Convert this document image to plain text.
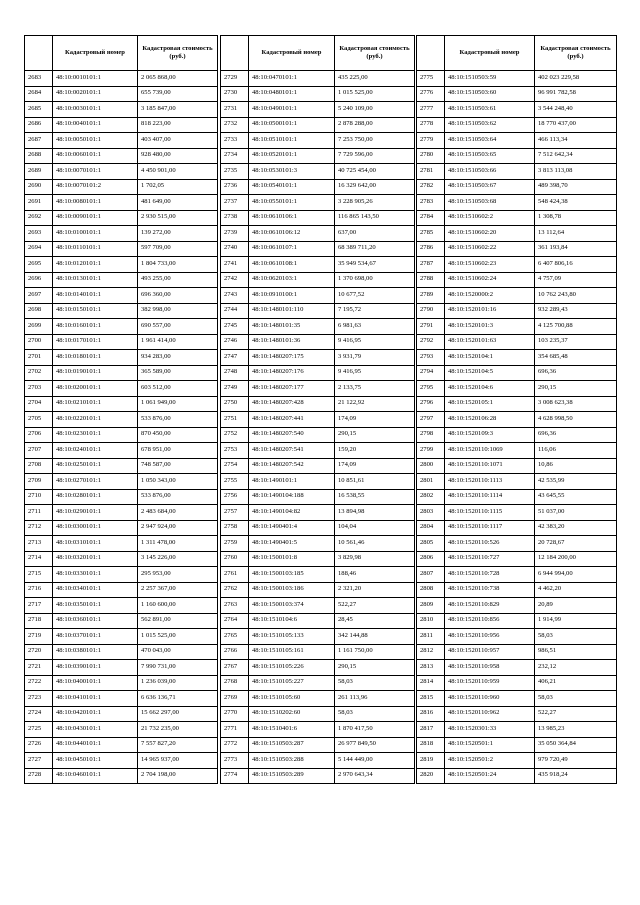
	Кадастровый номер	Кадастровая стоимость (руб.)
2683	48:10:0010101:1	2 065 868,00
2684	48:10:0020101:1	655 739,00
2685	48:10:0030101:1	3 185 847,00
2686	48:10:0040101:1	818 223,00
2687	48:10:0050101:1	403 407,00
2688	48:10:0060101:1	928 480,00
2689	48:10:0070101:1	4 450 901,00
2690	48:10:0070101:2	1 702,05
2691	48:10:0080101:1	481 649,00
2692	48:10:0090101:1	2 930 515,00
2693	48:10:0100101:1	139 272,00
2694	48:10:0110101:1	597 709,00
2695	48:10:0120101:1	1 804 733,00
2696	48:10:0130101:1	493 255,00
2697	48:10:0140101:1	696 360,00
2698	48:10:0150101:1	382 998,00
2699	48:10:0160101:1	690 557,00
2700	48:10:0170101:1	1 961 414,00
2701	48:10:0180101:1	934 283,00
2702	48:10:0190101:1	365 589,00
2703	48:10:0200101:1	603 512,00
2704	48:10:0210101:1	1 061 949,00
2705	48:10:0220101:1	533 876,00
2706	48:10:0230101:1	870 450,00
2707	48:10:0240101:1	678 951,00
2708	48:10:0250101:1	748 587,00
2709	48:10:0270101:1	1 050 343,00
2710	48:10:0280101:1	533 876,00
2711	48:10:0290101:1	2 483 684,00
2712	48:10:0300101:1	2 947 924,00
2713	48:10:0310101:1	1 311 478,00
2714	48:10:0320101:1	3 145 226,00
2715	48:10:0330101:1	295 953,00
2716	48:10:0340101:1	2 257 367,00
2717	48:10:0350101:1	1 160 600,00
2718	48:10:0360101:1	562 891,00
2719	48:10:0370101:1	1 015 525,00
2720	48:10:0380101:1	470 043,00
2721	48:10:0390101:1	7 990 731,00
2722	48:10:0400101:1	1 236 039,00
2723	48:10:0410101:1	6 636 136,71
2724	48:10:0420101:1	15 662 297,00
2725	48:10:0430101:1	21 732 235,00
2726	48:10:0440101:1	7 557 827,20
2727	48:10:0450101:1	14 965 937,00
2728	48:10:0460101:1	2 704 198,00
	Кадастровый номер	Кадастровая стоимость (руб.)
2729	48:10:0470101:1	435 225,00
2730	48:10:0480101:1	1 015 525,00
2731	48:10:0490101:1	5 240 109,00
2732	48:10:0500101:1	2 878 288,00
2733	48:10:0510101:1	7 253 750,00
2734	48:10:0520101:1	7 729 596,00
2735	48:10:0530101:3	40 725 454,00
2736	48:10:0540101:1	16 329 642,00
2737	48:10:0550101:1	3 228 905,26
2738	48:10:0610106:1	116 865 143,50
2739	48:10:0610106:12	637,00
2740	48:10:0610107:1	68 389 711,20
2741	48:10:0610108:1	35 949 534,67
2742	48:10:0620103:1	1 370 698,00
2743	48:10:0910100:1	10 677,52
2744	48:10:1480101:110	7 195,72
2745	48:10:1480101:35	6 981,63
2746	48:10:1480101:36	9 416,95
2747	48:10:1480207:175	3 931,79
2748	48:10:1480207:176	9 416,95
2749	48:10:1480207:177	2 133,75
2750	48:10:1480207:428	21 122,92
2751	48:10:1480207:441	174,09
2752	48:10:1480207:540	290,15
2753	48:10:1480207:541	159,20
2754	48:10:1480207:542	174,09
2755	48:10:1490101:1	10 851,61
2756	48:10:1490104:188	16 538,55
2757	48:10:1490104:82	13 894,98
2758	48:10:1490401:4	104,04
2759	48:10:1490401:5	10 561,46
2760	48:10:1500101:8	3 829,98
2761	48:10:1500103:185	188,46
2762	48:10:1500103:186	2 321,20
2763	48:10:1500103:374	522,27
2764	48:10:1510104:6	28,45
2765	48:10:1510105:133	342 144,88
2766	48:10:1510105:161	1 161 750,00
2767	48:10:1510105:226	290,15
2768	48:10:1510105:227	58,03
2769	48:10:1510105:60	261 113,96
2770	48:10:1510202:60	58,03
2771	48:10:1510401:6	1 870 417,50
2772	48:10:1510503:287	26 977 849,50
2773	48:10:1510503:288	5 144 449,00
2774	48:10:1510503:289	2 970 643,34
	Кадастровый номер	Кадастровая стоимость (руб.)
2775	48:10:1510503:59	402 023 229,58
2776	48:10:1510503:60	96 991 782,58
2777	48:10:1510503:61	3 544 248,40
2778	48:10:1510503:62	18 770 437,00
2779	48:10:1510503:64	466 113,34
2780	48:10:1510503:65	7 512 642,34
2781	48:10:1510503:66	3 813 113,08
2782	48:10:1510503:67	489 398,70
2783	48:10:1510503:68	548 424,38
2784	48:10:1510602:2	1 308,78
2785	48:10:1510602:20	13 112,64
2786	48:10:1510602:22	361 193,84
2787	48:10:1510602:23	6 407 806,16
2788	48:10:1510602:24	4 757,09
2789	48:10:1520000:2	10 762 243,80
2790	48:10:1520101:16	932 289,43
2791	48:10:1520101:3	4 125 700,88
2792	48:10:1520101:63	103 235,37
2793	48:10:1520104:1	354 685,48
2794	48:10:1520104:5	696,36
2795	48:10:1520104:6	290,15
2796	48:10:1520105:1	3 008 623,38
2797	48:10:1520106:28	4 628 998,50
2798	48:10:1520109:3	696,36
2799	48:10:1520110:1069	116,06
2800	48:10:1520110:1071	10,86
2801	48:10:1520110:1113	42 535,99
2802	48:10:1520110:1114	43 645,55
2803	48:10:1520110:1115	51 037,00
2804	48:10:1520110:1117	42 383,20
2805	48:10:1520110:526	20 728,67
2806	48:10:1520110:727	12 184 200,00
2807	48:10:1520110:728	6 944 994,00
2808	48:10:1520110:738	4 462,20
2809	48:10:1520110:829	20,89
2810	48:10:1520110:856	1 914,99
2811	48:10:1520110:956	58,03
2812	48:10:1520110:957	986,51
2813	48:10:1520110:958	232,12
2814	48:10:1520110:959	406,21
2815	48:10:1520110:960	58,03
2816	48:10:1520110:962	522,27
2817	48:10:1520301:33	13 985,23
2818	48:10:1520501:1	35 050 364,84
2819	48:10:1520501:2	979 720,49
2820	48:10:1520501:24	435 918,24
